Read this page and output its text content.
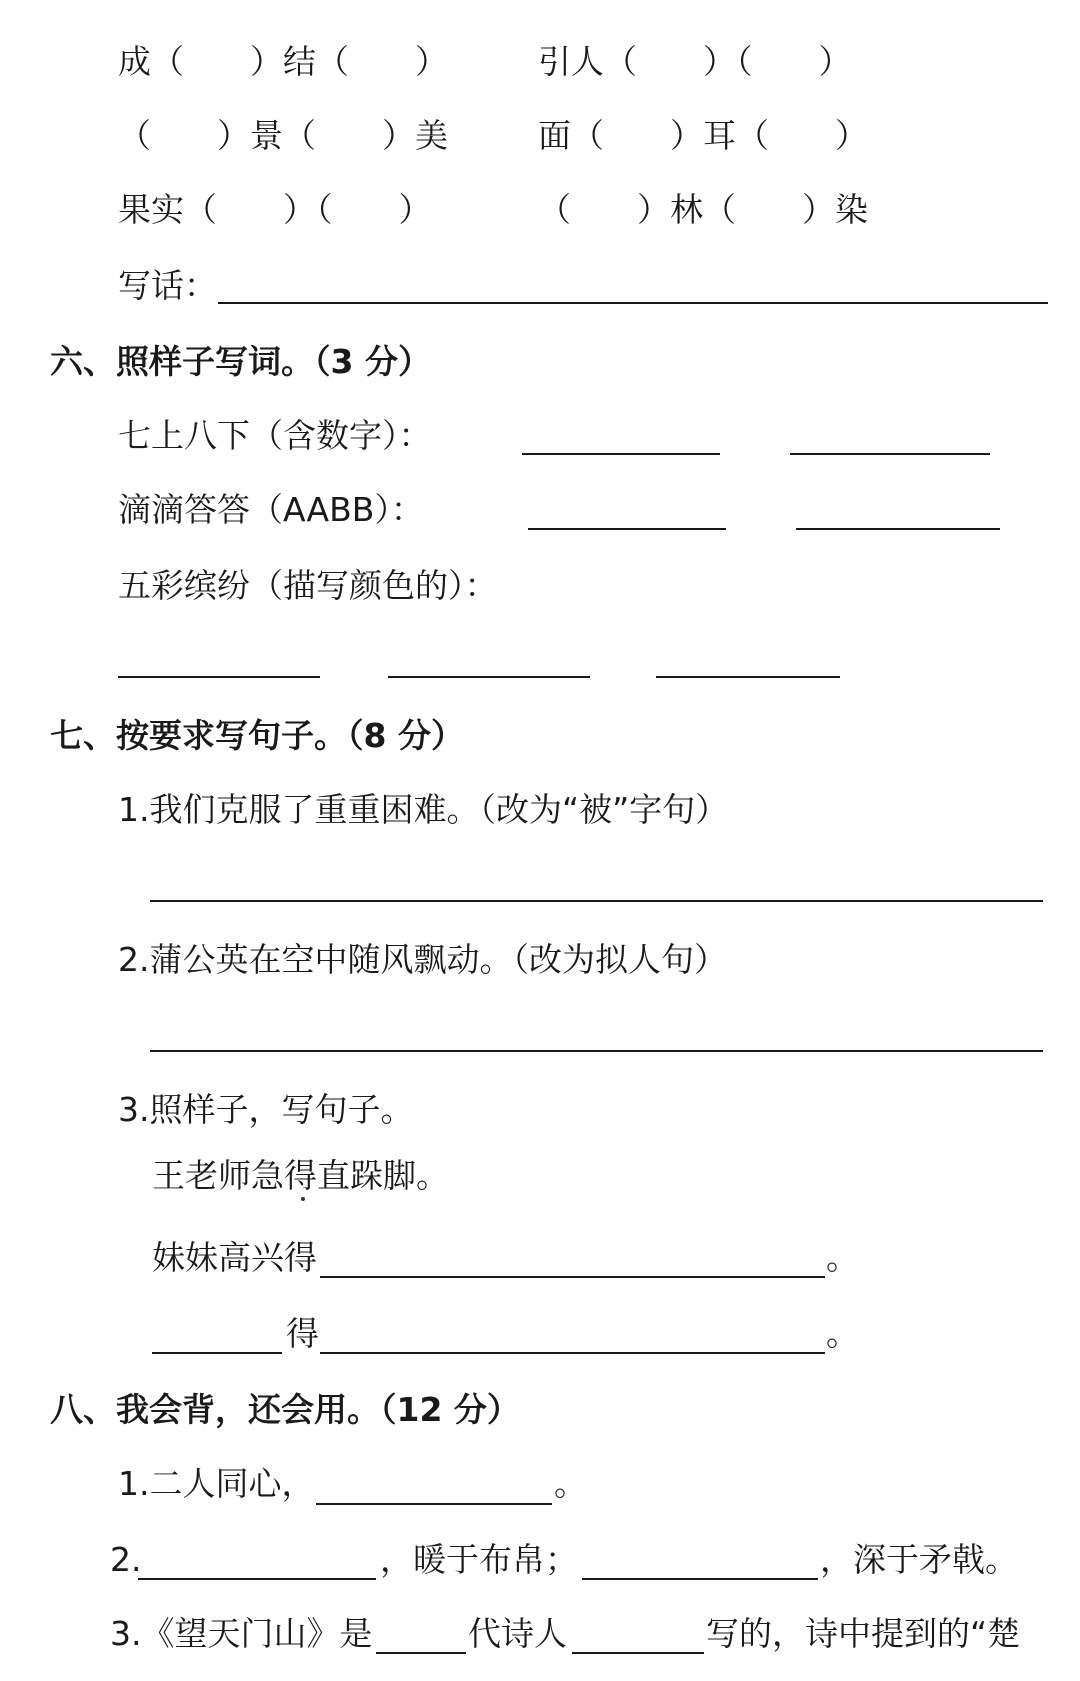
成（　　）结（　　）	引人（　　）（　　）
（　　）景（　　）美	面（　　）耳（　　）
果实（　　）（　　）	（　　）林（　　）染
写话：
六、照样子写词。（3 分）
七上八下（含数字）：
滴滴答答（AABB）：
五彩缤纷（描写颜色的）：
七、按要求写句子。（8 分）
1.我们克服了重重困难。（改为“被”字句）
2.蒲公英在空中随风飘动。（改为拟人句）
3.照样子，写句子。
王老师急得直跺脚。
妹妹高兴得	。
得	。
八、我会背，还会用。（12 分）
1.二人同心，	。
2.	，暖于布帛；	，深于矛戟。
3.《望天门山》是	代诗人	写的，诗中提到的“楚
